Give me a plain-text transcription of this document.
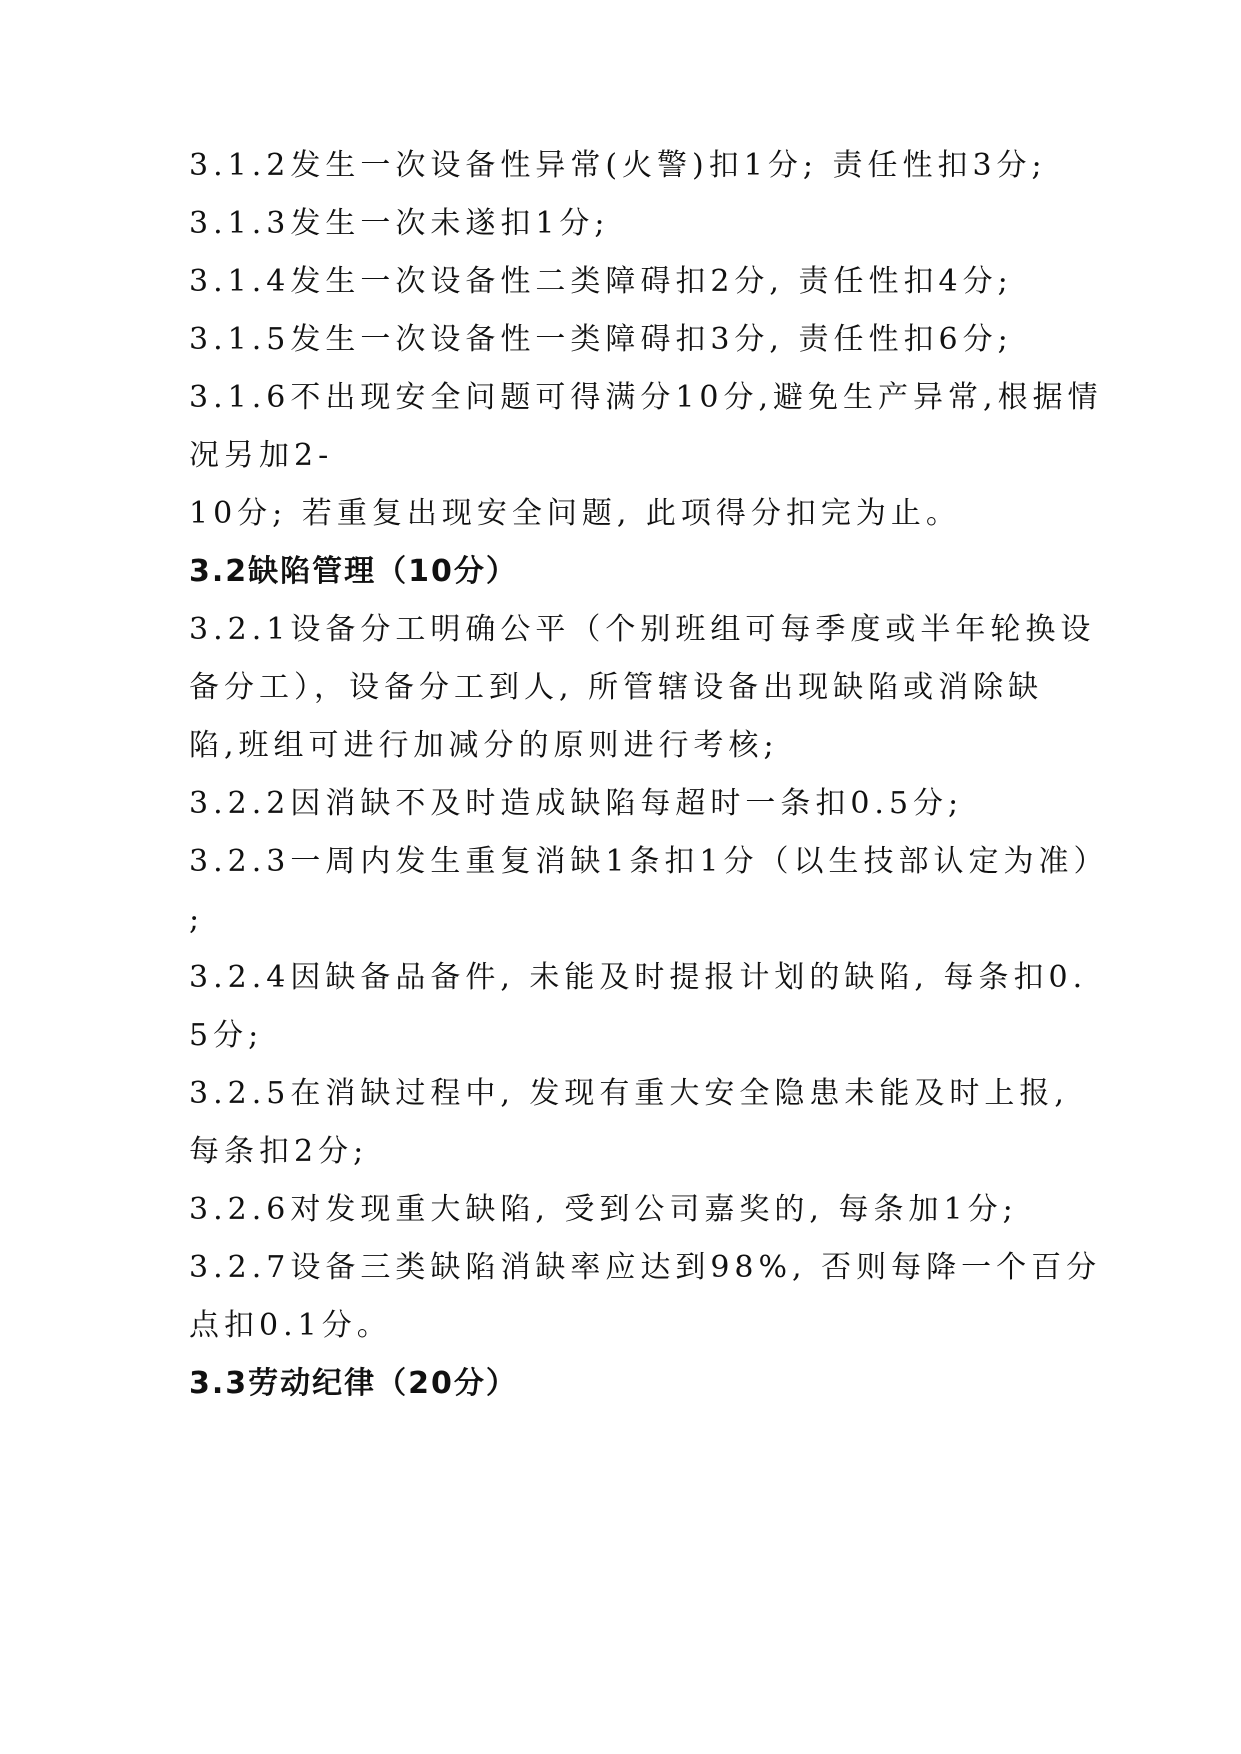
3.1.2发生一次设备性异常(火警)扣1分; 责任性扣3分;
3.1.3发生一次未遂扣1分;
3.1.4发生一次设备性二类障碍扣2分, 责任性扣4分;
3.1.5发生一次设备性一类障碍扣3分, 责任性扣6分;
3.1.6不出现安全问题可得满分10分,避免生产异常,根据情
况另加2-
10分; 若重复出现安全问题, 此项得分扣完为止。
3.2缺陷管理（10分）
3.2.1设备分工明确公平（个别班组可每季度或半年轮换设
备分工），设备分工到人, 所管辖设备出现缺陷或消除缺
陷,班组可进行加减分的原则进行考核;
3.2.2因消缺不及时造成缺陷每超时一条扣0.5分;
3.2.3一周内发生重复消缺1条扣1分（以生技部认定为准）
;
3.2.4因缺备品备件, 未能及时提报计划的缺陷, 每条扣0.
5分;
3.2.5在消缺过程中, 发现有重大安全隐患未能及时上报,
每条扣2分;
3.2.6对发现重大缺陷, 受到公司嘉奖的, 每条加1分;
3.2.7设备三类缺陷消缺率应达到98%, 否则每降一个百分
点扣0.1分。
3.3劳动纪律（20分）
